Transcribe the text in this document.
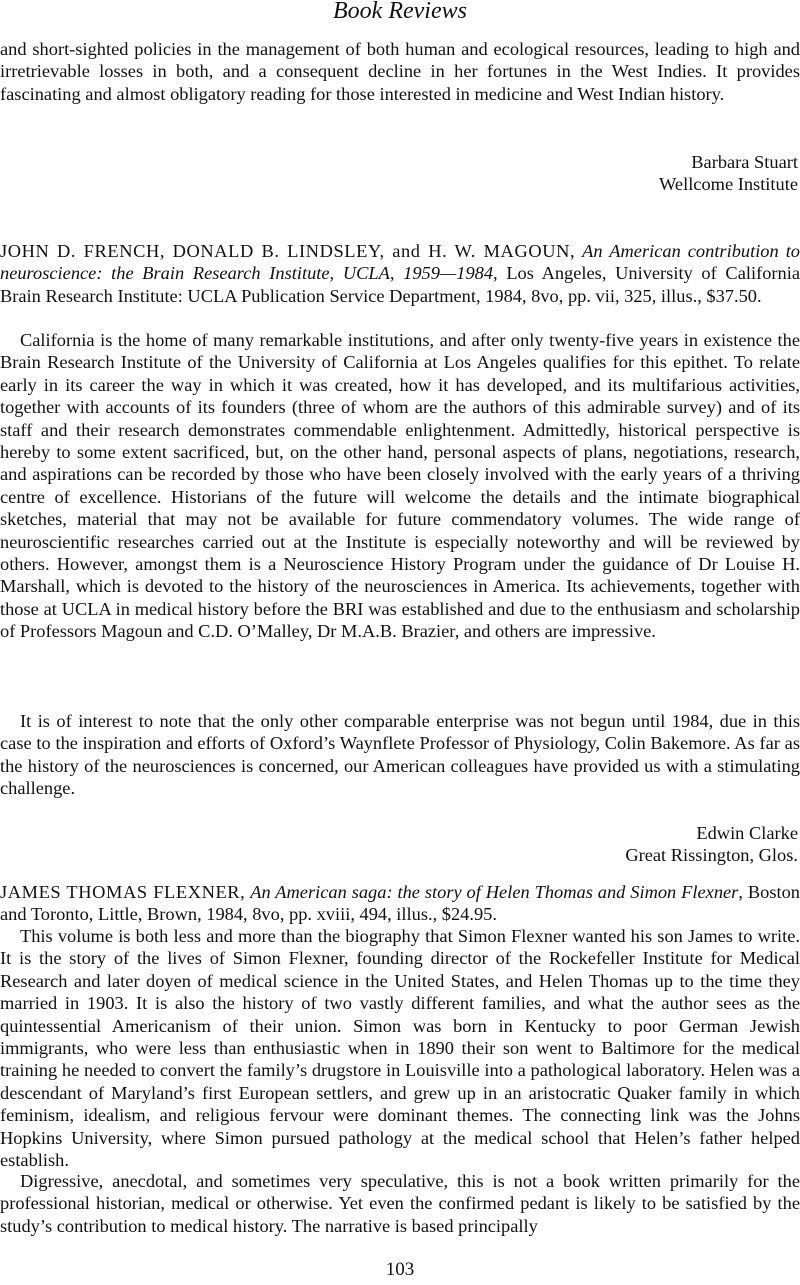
Book Reviews

and short-sighted policies in the management of both human and ecological resources, leading to high and irretrievable losses in both, and a consequent decline in her fortunes in the West Indies. It provides fascinating and almost obligatory reading for those interested in medicine and West Indian history.

Barbara Stuart
Wellcome Institute

JOHN D. FRENCH, DONALD B. LINDSLEY, and H. W. MAGOUN, An American contribution to neuroscience: the Brain Research Institute, UCLA, 1959—1984, Los Angeles, University of California Brain Research Institute: UCLA Publication Service Department, 1984, 8vo, pp. vii, 325, illus., $37.50.

California is the home of many remarkable institutions, and after only twenty-five years in existence the Brain Research Institute of the University of California at Los Angeles qualifies for this epithet. To relate early in its career the way in which it was created, how it has developed, and its multifarious activities, together with accounts of its founders (three of whom are the authors of this admirable survey) and of its staff and their research demonstrates commendable enlightenment. Admittedly, historical perspective is hereby to some extent sacrificed, but, on the other hand, personal aspects of plans, negotiations, research, and aspirations can be recorded by those who have been closely involved with the early years of a thriving centre of excellence. Historians of the future will welcome the details and the intimate biographical sketches, material that may not be available for future commendatory volumes. The wide range of neuroscientific researches carried out at the Institute is especially noteworthy and will be reviewed by others. However, amongst them is a Neuroscience History Program under the guidance of Dr Louise H. Marshall, which is devoted to the history of the neurosciences in America. Its achievements, together with those at UCLA in medical history before the BRI was established and due to the enthusiasm and scholarship of Professors Magoun and C.D. O’Malley, Dr M.A.B. Brazier, and others are impressive.

It is of interest to note that the only other comparable enterprise was not begun until 1984, due in this case to the inspiration and efforts of Oxford’s Waynflete Professor of Physiology, Colin Bakemore. As far as the history of the neurosciences is concerned, our American colleagues have provided us with a stimulating challenge.

Edwin Clarke
Great Rissington, Glos.

JAMES THOMAS FLEXNER, An American saga: the story of Helen Thomas and Simon Flexner, Boston and Toronto, Little, Brown, 1984, 8vo, pp. xviii, 494, illus., $24.95.

This volume is both less and more than the biography that Simon Flexner wanted his son James to write. It is the story of the lives of Simon Flexner, founding director of the Rockefeller Institute for Medical Research and later doyen of medical science in the United States, and Helen Thomas up to the time they married in 1903. It is also the history of two vastly different families, and what the author sees as the quintessential Americanism of their union. Simon was born in Kentucky to poor German Jewish immigrants, who were less than enthusiastic when in 1890 their son went to Baltimore for the medical training he needed to convert the family’s drugstore in Louisville into a pathological laboratory. Helen was a descendant of Maryland’s first European settlers, and grew up in an aristocratic Quaker family in which feminism, idealism, and religious fervour were dominant themes. The connecting link was the Johns Hopkins University, where Simon pursued pathology at the medical school that Helen’s father helped establish.

Digressive, anecdotal, and sometimes very speculative, this is not a book written primarily for the professional historian, medical or otherwise. Yet even the confirmed pedant is likely to be satisfied by the study’s contribution to medical history. The narrative is based principally

103
